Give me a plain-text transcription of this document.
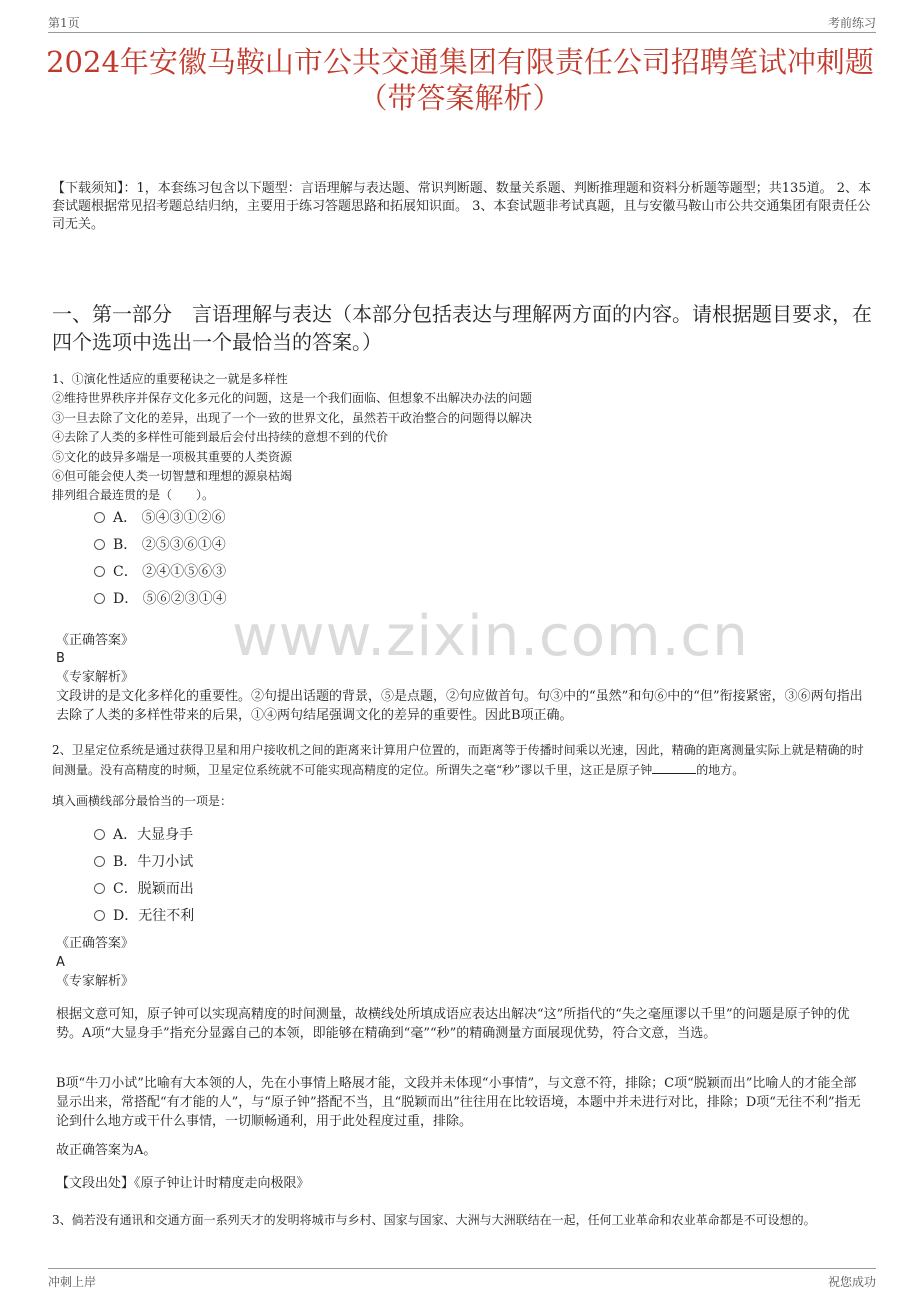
第1页	考前练习
2024年安徽马鞍山市公共交通集团有限责任公司招聘笔试冲刺题（带答案解析）
【下载须知】：1，本套练习包含以下题型：言语理解与表达题、常识判断题、数量关系题、判断推理题和资料分析题等题型；共135道。 2、本套试题根据常见招考题总结归纳，主要用于练习答题思路和拓展知识面。 3、本套试题非考试真题，且与安徽马鞍山市公共交通集团有限责任公司无关。
一、第一部分　言语理解与表达（本部分包括表达与理解两方面的内容。请根据题目要求，在四个选项中选出一个最恰当的答案。）
www.zixin.com.cn
1、①演化性适应的重要秘诀之一就是多样性
②维持世界秩序并保存文化多元化的问题，这是一个我们面临、但想象不出解决办法的问题
③一旦去除了文化的差异，出现了一个一致的世界文化，虽然若干政治整合的问题得以解决
④去除了人类的多样性可能到最后会付出持续的意想不到的代价
⑤文化的歧异多端是一项极其重要的人类资源
⑥但可能会使人类一切智慧和理想的源泉枯竭
排列组合最连贯的是（　　）。
A． ⑤④③①②⑥
B． ②⑤③⑥①④
C． ②④①⑤⑥③
D． ⑤⑥②③①④
《正确答案》
B
《专家解析》
文段讲的是文化多样化的重要性。②句提出话题的背景，⑤是点题，②句应做首句。句③中的“虽然”和句⑥中的“但”衔接紧密，③⑥两句指出去除了人类的多样性带来的后果，①④两句结尾强调文化的差异的重要性。因此B项正确。
2、卫星定位系统是通过获得卫星和用户接收机之间的距离来计算用户位置的，而距离等于传播时间乘以光速，因此，精确的距离测量实际上就是精确的时间测量。没有高精度的时频，卫星定位系统就不可能实现高精度的定位。所谓失之毫“秒”谬以千里，这正是原子钟	的地方。
填入画横线部分最恰当的一项是：
A．大显身手
B．牛刀小试
C．脱颖而出
D．无往不利
《正确答案》
A
《专家解析》
根据文意可知，原子钟可以实现高精度的时间测量，故横线处所填成语应表达出解决“这”所指代的“失之毫厘谬以千里”的问题是原子钟的优势。A项“大显身手”指充分显露自己的本领，即能够在精确到“毫”“秒”的精确测量方面展现优势，符合文意，当选。
B项“牛刀小试”比喻有大本领的人，先在小事情上略展才能，文段并未体现“小事情”，与文意不符，排除；C项“脱颖而出”比喻人的才能全部显示出来，常搭配“有才能的人”，与“原子钟”搭配不当，且“脱颖而出”往往用在比较语境，本题中并未进行对比，排除；D项“无往不利”指无论到什么地方或干什么事情，一切顺畅通利，用于此处程度过重，排除。
故正确答案为A。
【文段出处】《原子钟让计时精度走向极限》
3、倘若没有通讯和交通方面一系列天才的发明将城市与乡村、国家与国家、大洲与大洲联结在一起，任何工业革命和农业革命都是不可设想的。
冲刺上岸	祝您成功
